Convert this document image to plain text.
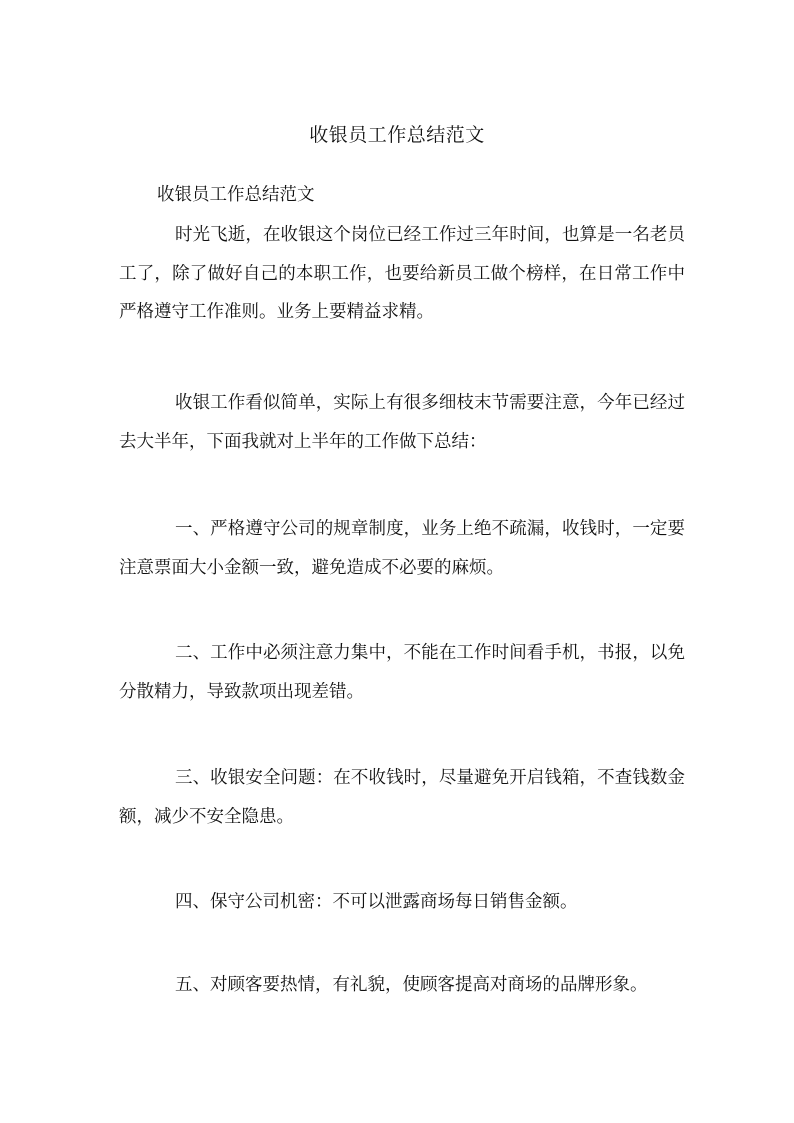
收银员工作总结范文
收银员工作总结范文

时光飞逝，在收银这个岗位已经工作过三年时间，也算是一名老员工了，除了做好自己的本职工作，也要给新员工做个榜样，在日常工作中严格遵守工作准则。业务上要精益求精。

收银工作看似简单，实际上有很多细枝末节需要注意，今年已经过去大半年，下面我就对上半年的工作做下总结：

一、严格遵守公司的规章制度，业务上绝不疏漏，收钱时，一定要注意票面大小金额一致，避免造成不必要的麻烦。

二、工作中必须注意力集中，不能在工作时间看手机，书报，以免分散精力，导致款项出现差错。

三、收银安全问题：在不收钱时，尽量避免开启钱箱，不查钱数金额，减少不安全隐患。

四、保守公司机密：不可以泄露商场每日销售金额。

五、对顾客要热情，有礼貌，使顾客提高对商场的品牌形象。
